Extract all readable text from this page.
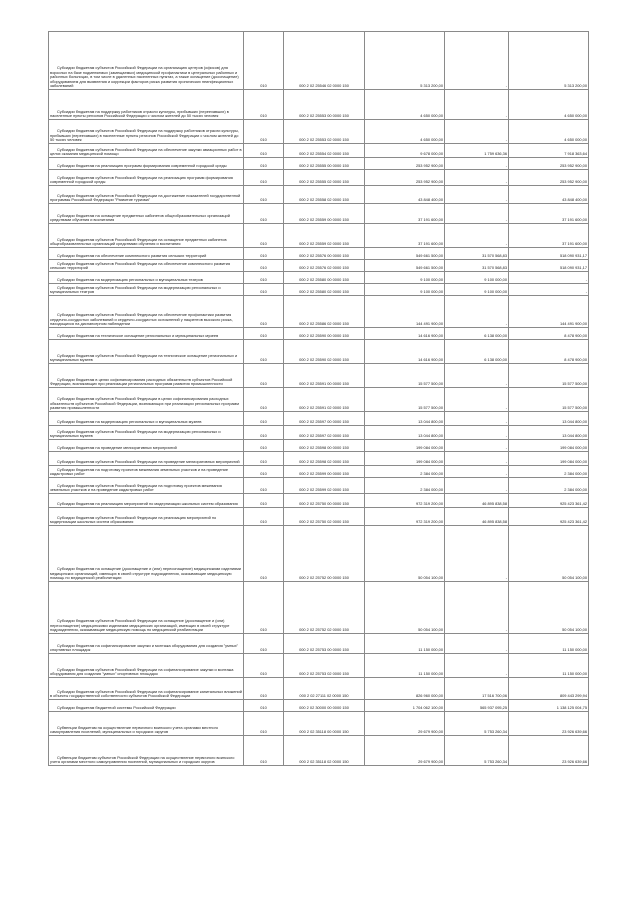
Субсидии бюджетам субъектов Российской Федерации на организацию центров (офисов) для взрослых на базе подменяемых (замещаемых) медицинской профилактики в центральных районных и районных больницах, в том числе в удаленных населенных пунктах, а также оснащение (дооснащение) оборудованием для выявления и коррекции факторов риска развития хронических неинфекционных заболеваний	010	000 2 02 25546 02 0000 150	5 313 200,00	-	5 313 200,00

Субсидии бюджетам на поддержку работников отрасли культуры, прибывших (переехавших) в населенные пункты регионов Российской Федерации с числом жителей до 50 тысяч человек	010	000 2 02 25553 00 0000 150	4 650 000,00	-	4 650 000,00

Субсидии бюджетам субъектов Российской Федерации на поддержку работников отрасли культуры, прибывших (переехавших) в населенные пункты регионов Российской Федерации с числом жителей до 50 тысяч человек	010	000 2 02 25553 02 0000 150	4 650 000,00	-	4 650 000,00

Субсидии бюджетам субъектов Российской Федерации на обеспечение закупки авиационных работ в целях оказания медицинской помощи	010	000 2 02 25554 02 0000 150	9 678 000,00	1 759 636,36	7 918 363,64

Субсидии бюджетам на реализацию программ формирования современной городской среды	010	000 2 02 25555 00 0000 150	253 952 900,00	-	253 952 900,00

Субсидии бюджетам субъектов Российской Федерации на реализацию программ формирования современной городской среды	010	000 2 02 25555 02 0000 150	253 952 900,00	-	253 952 900,00

Субсидии бюджетам субъектов Российской Федерации на достижение показателей государственной программы Российской Федерации "Развитие туризма"	010	000 2 02 25558 02 0000 150	43 848 400,00	-	43 848 400,00

Субсидии бюджетам на оснащение предметных кабинетов общеобразовательных организаций средствами обучения и воспитания	010	000 2 02 25559 00 0000 150	37 191 600,00	-	37 191 600,00

Субсидии бюджетам субъектов Российской Федерации на оснащение предметных кабинетов общеобразовательных организаций средствами обучения и воспитания	010	000 2 02 25559 02 0000 150	37 191 600,00	-	37 191 600,00

Субсидии бюджетам на обеспечение комплексного развития сельских территорий	010	000 2 02 25576 00 0000 150	549 661 500,00	31 570 568,83	518 090 931,17

Субсидии бюджетам субъектов Российской Федерации на обеспечение комплексного развития сельских территорий	010	000 2 02 25576 02 0000 150	549 661 500,00	31 570 568,83	518 090 931,17

Субсидии бюджетам на модернизацию региональных и муниципальных театров	010	000 2 02 25580 00 0000 150	9 100 000,00	9 100 000,00	-

Субсидии бюджетам субъектов Российской Федерации на модернизацию региональных и муниципальных театров	010	000 2 02 25580 02 0000 150	9 100 000,00	9 100 000,00	-

Субсидии бюджетам субъектов Российской Федерации на обеспечение профилактики развития сердечно-сосудистых заболеваний и сердечно-сосудистых осложнений у пациентов высокого риска, находящихся на диспансерном наблюдении	010	000 2 02 25586 02 0000 150	144 491 900,00	-	144 491 900,00

Субсидии бюджетам на техническое оснащение региональных и муниципальных музеев	010	000 2 02 25590 00 0000 150	14 616 900,00	6 138 000,00	8 478 900,00

Субсидии бюджетам субъектов Российской Федерации на техническое оснащение региональных и муниципальных музеев	010	000 2 02 25590 02 0000 150	14 616 900,00	6 138 000,00	8 478 900,00

Субсидии бюджетам в целях софинансирования расходных обязательств субъектов Российской Федерации, возникающих при реализации региональных программ развития промышленности	010	000 2 02 25591 00 0000 150	15 577 500,00	-	15 577 500,00

Субсидии бюджетам субъектов Российской Федерации в целях софинансирования расходных обязательств субъектов Российской Федерации, возникающих при реализации региональных программ развития промышленности	010	000 2 02 25591 02 0000 150	15 577 500,00	-	15 577 500,00

Субсидии бюджетам на модернизацию региональных и муниципальных музеев	010	000 2 02 25597 00 0000 150	13 044 800,00	-	13 044 800,00

Субсидии бюджетам субъектов Российской Федерации на модернизацию региональных и муниципальных музеев	010	000 2 02 25597 02 0000 150	13 044 800,00	-	13 044 800,00

Субсидии бюджетам на проведение мелиоративных мероприятий	010	000 2 02 25598 00 0000 150	199 084 000,00	-	199 084 000,00

Субсидии бюджетам субъектов Российской Федерации на проведение мелиоративных мероприятий	010	000 2 02 25598 02 0000 150	199 084 000,00	-	199 084 000,00

Субсидии бюджетам на подготовку проектов межевания земельных участков и на проведение кадастровых работ	010	000 2 02 25599 00 0000 150	2 384 000,00	-	2 384 000,00

Субсидии бюджетам субъектов Российской Федерации на подготовку проектов межевания земельных участков и на проведение кадастровых работ	010	000 2 02 25599 02 0000 150	2 384 000,00	-	2 384 000,00

Субсидии бюджетам на реализацию мероприятий по модернизации школьных систем образования	010	000 2 02 25750 00 0000 150	972 319 200,00	46 895 838,58	925 423 361,42

Субсидии бюджетам субъектов Российской Федерации на реализацию мероприятий по модернизации школьных систем образования	010	000 2 02 25750 02 0000 150	972 319 200,00	46 895 838,58	925 423 361,42

Субсидии бюджетам на оснащение (дооснащение и (или) переоснащение) медицинскими изделиями медицинских организаций, имеющих в своей структуре подразделения, оказывающие медицинскую помощь по медицинской реабилитации	010	000 2 02 25752 00 0000 150	50 054 100,00	-	50 054 100,00

Субсидии бюджетам субъектов Российской Федерации на оснащение (дооснащение и (или) переоснащение) медицинскими изделиями медицинских организаций, имеющих в своей структуре подразделения, оказывающие медицинскую помощь по медицинской реабилитации	010	000 2 02 25752 02 0000 150	50 054 100,00	-	50 054 100,00

Субсидии бюджетам на софинансирование закупки и монтажа оборудования для создания "умных" спортивных площадок	010	000 2 02 25753 00 0000 150	11 150 000,00	-	11 150 000,00

Субсидии бюджетам субъектов Российской Федерации на софинансирование закупки и монтажа оборудования для создания "умных" спортивных площадок	010	000 2 02 25753 02 0000 150	11 150 000,00	-	11 150 000,00

Субсидии бюджетам субъектов Российской Федерации на софинансирование капитальных вложений в объекты государственной собственности субъектов Российской Федерации	010	000 2 02 27111 02 0000 150	826 960 000,00	17 516 700,06	809 443 299,94

Субсидии бюджетам бюджетной системы Российской Федерации	010	000 2 02 30000 00 0000 150	1 704 062 100,00	565 937 095,25	1 138 125 004,75

Субвенции бюджетам на осуществление первичного воинского учета органами местного самоуправления поселений, муниципальных и городских округов	010	000 2 02 35118 00 0000 150	29 679 900,00	5 753 260,34	23 926 639,66

Субвенции бюджетам субъектов Российской Федерации на осуществление первичного воинского учета органами местного самоуправления поселений, муниципальных и городских округов	010	000 2 02 35118 02 0000 150	29 679 900,00	5 753 260,34	23 926 639,66
